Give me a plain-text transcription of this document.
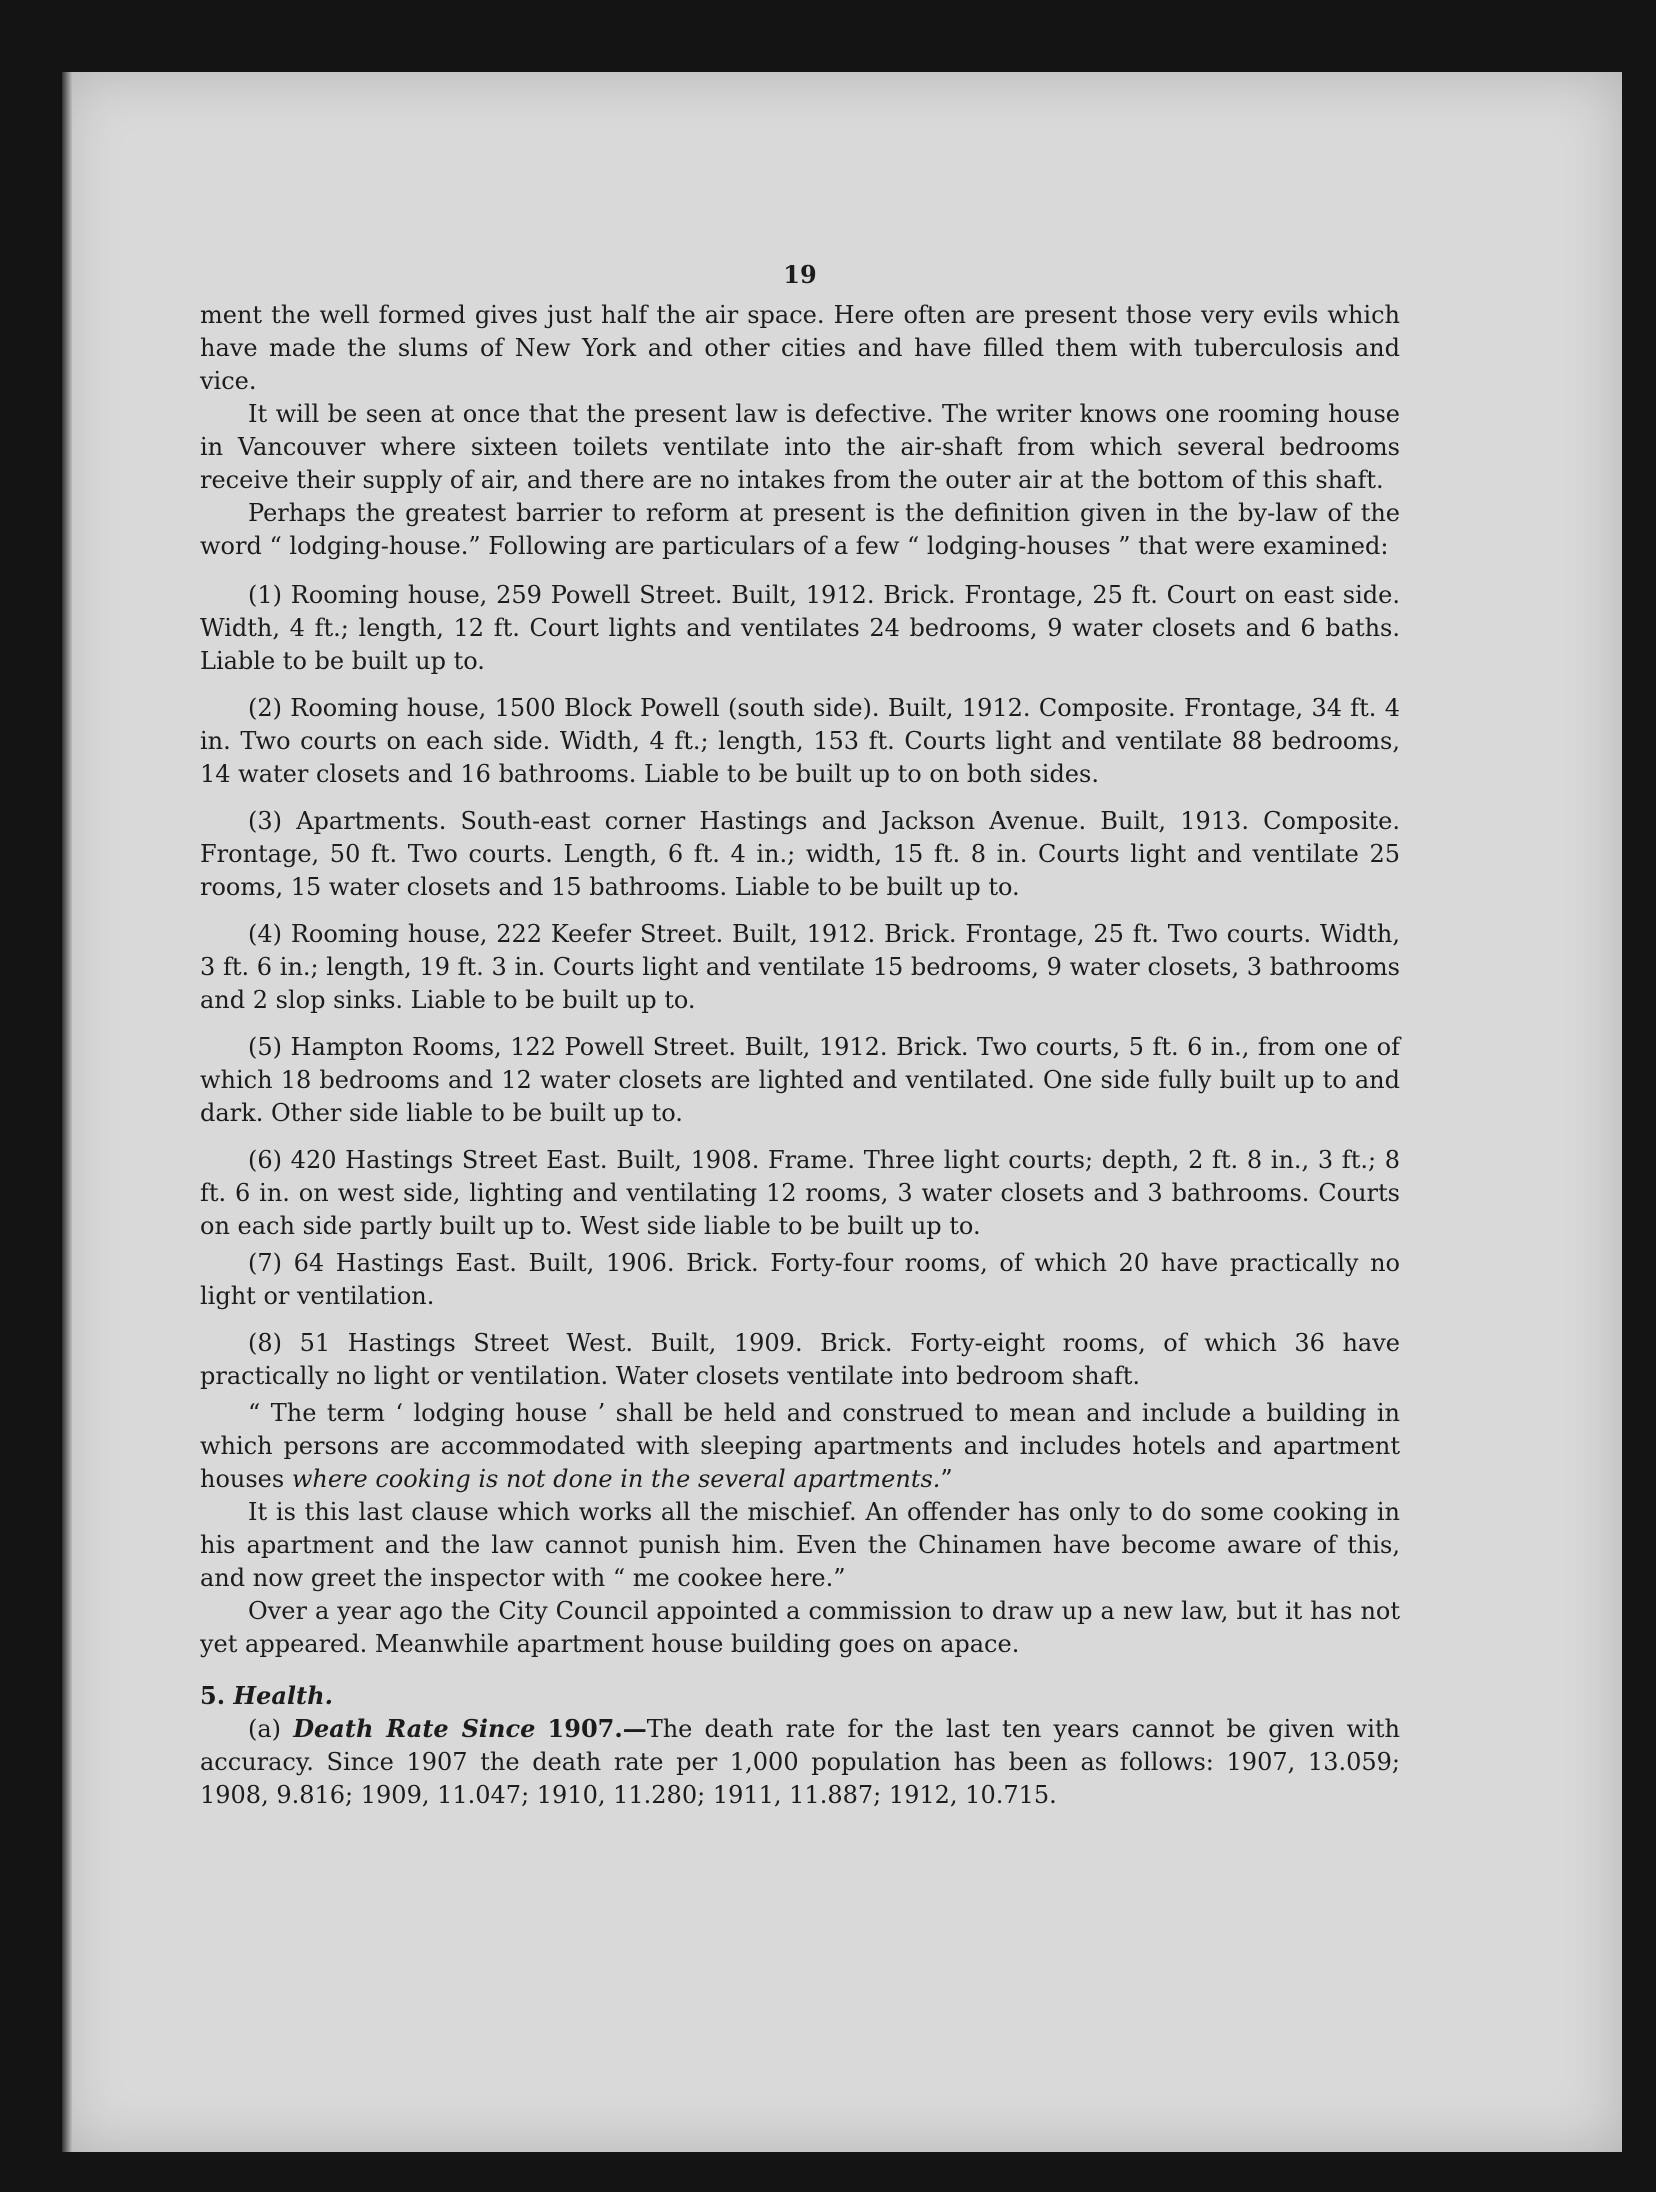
19

ment the well formed gives just half the air space. Here often are present those very evils which have made the slums of New York and other cities and have filled them with tuberculosis and vice.

It will be seen at once that the present law is defective. The writer knows one rooming house in Vancouver where sixteen toilets ventilate into the air-shaft from which several bedrooms receive their supply of air, and there are no intakes from the outer air at the bottom of this shaft.

Perhaps the greatest barrier to reform at present is the definition given in the by-law of the word “ lodging-house.” Following are particulars of a few “ lodging-houses ” that were examined:

(1) Rooming house, 259 Powell Street. Built, 1912. Brick. Frontage, 25 ft. Court on east side. Width, 4 ft.; length, 12 ft. Court lights and ventilates 24 bedrooms, 9 water closets and 6 baths. Liable to be built up to.
(2) Rooming house, 1500 Block Powell (south side). Built, 1912. Composite. Frontage, 34 ft. 4 in. Two courts on each side. Width, 4 ft.; length, 153 ft. Courts light and ventilate 88 bedrooms, 14 water closets and 16 bathrooms. Liable to be built up to on both sides.
(3) Apartments. South-east corner Hastings and Jackson Avenue. Built, 1913. Composite. Frontage, 50 ft. Two courts. Length, 6 ft. 4 in.; width, 15 ft. 8 in. Courts light and ventilate 25 rooms, 15 water closets and 15 bathrooms. Liable to be built up to.
(4) Rooming house, 222 Keefer Street. Built, 1912. Brick. Frontage, 25 ft. Two courts. Width, 3 ft. 6 in.; length, 19 ft. 3 in. Courts light and ventilate 15 bedrooms, 9 water closets, 3 bathrooms and 2 slop sinks. Liable to be built up to.
(5) Hampton Rooms, 122 Powell Street. Built, 1912. Brick. Two courts, 5 ft. 6 in., from one of which 18 bedrooms and 12 water closets are lighted and ventilated. One side fully built up to and dark. Other side liable to be built up to.
(6) 420 Hastings Street East. Built, 1908. Frame. Three light courts; depth, 2 ft. 8 in., 3 ft.; 8 ft. 6 in. on west side, lighting and ventilating 12 rooms, 3 water closets and 3 bathrooms. Courts on each side partly built up to. West side liable to be built up to.
(7) 64 Hastings East. Built, 1906. Brick. Forty-four rooms, of which 20 have practically no light or ventilation.
(8) 51 Hastings Street West. Built, 1909. Brick. Forty-eight rooms, of which 36 have practically no light or ventilation. Water closets ventilate into bedroom shaft.

“ The term ‘ lodging house ’ shall be held and construed to mean and include a building in which persons are accommodated with sleeping apartments and includes hotels and apartment houses where cooking is not done in the several apartments.”

It is this last clause which works all the mischief. An offender has only to do some cooking in his apartment and the law cannot punish him. Even the Chinamen have become aware of this, and now greet the inspector with “ me cookee here.”

Over a year ago the City Council appointed a commission to draw up a new law, but it has not yet appeared. Meanwhile apartment house building goes on apace.

5. Health.

(a) Death Rate Since 1907.—The death rate for the last ten years cannot be given with accuracy. Since 1907 the death rate per 1,000 population has been as follows: 1907, 13.059; 1908, 9.816; 1909, 11.047; 1910, 11.280; 1911, 11.887; 1912, 10.715.
